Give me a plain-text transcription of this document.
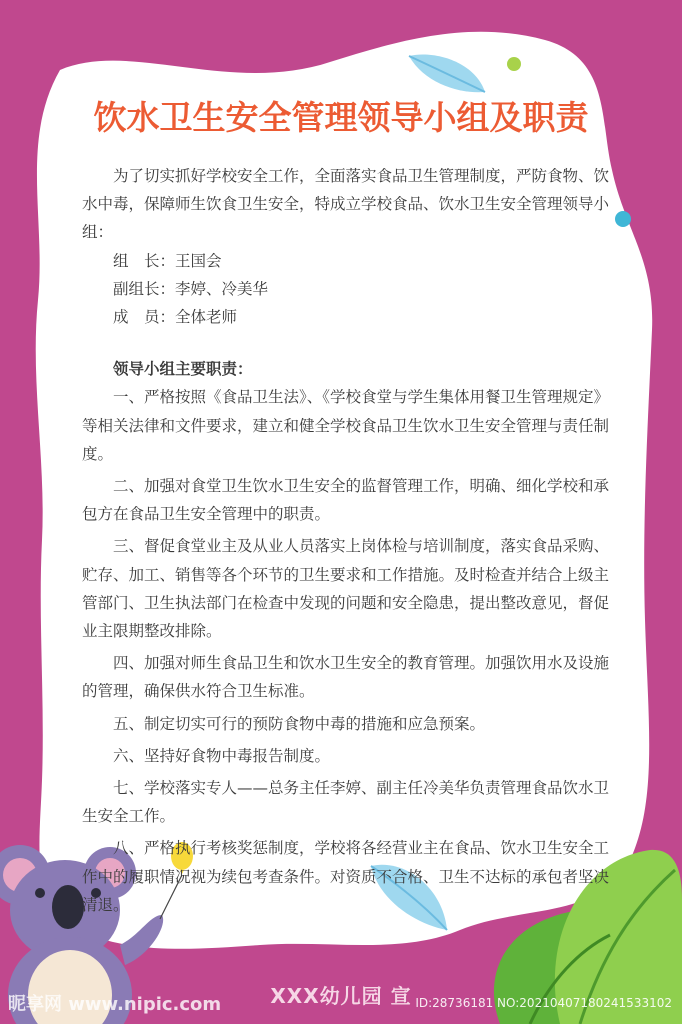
饮水卫生安全管理领导小组及职责

为了切实抓好学校安全工作，全面落实食品卫生管理制度，严防食物、饮水中毒，保障师生饮食卫生安全，特成立学校食品、饮水卫生安全管理领导小组：

组　长：王国会

副组长：李婷、冷美华

成　员：全体老师

领导小组主要职责：

一、严格按照《食品卫生法》、《学校食堂与学生集体用餐卫生管理规定》等相关法律和文件要求，建立和健全学校食品卫生饮水卫生安全管理与责任制度。

二、加强对食堂卫生饮水卫生安全的监督管理工作，明确、细化学校和承包方在食品卫生安全管理中的职责。

三、督促食堂业主及从业人员落实上岗体检与培训制度，落实食品采购、贮存、加工、销售等各个环节的卫生要求和工作措施。及时检查并结合上级主管部门、卫生执法部门在检查中发现的问题和安全隐患，提出整改意见，督促业主限期整改排除。

四、加强对师生食品卫生和饮水卫生安全的教育管理。加强饮用水及设施的管理，确保供水符合卫生标准。

五、制定切实可行的预防食物中毒的措施和应急预案。

六、坚持好食物中毒报告制度。

七、学校落实专人——总务主任李婷、副主任冷美华负责管理食品饮水卫生安全工作。

八、严格执行考核奖惩制度，学校将各经营业主在食品、饮水卫生安全工作中的履职情况视为续包考查条件。对资质不合格、卫生不达标的承包者坚决清退。

XXX幼儿园 宣
昵享网 www.nipic.com	ID:28736181 NO:20210407180241533102
